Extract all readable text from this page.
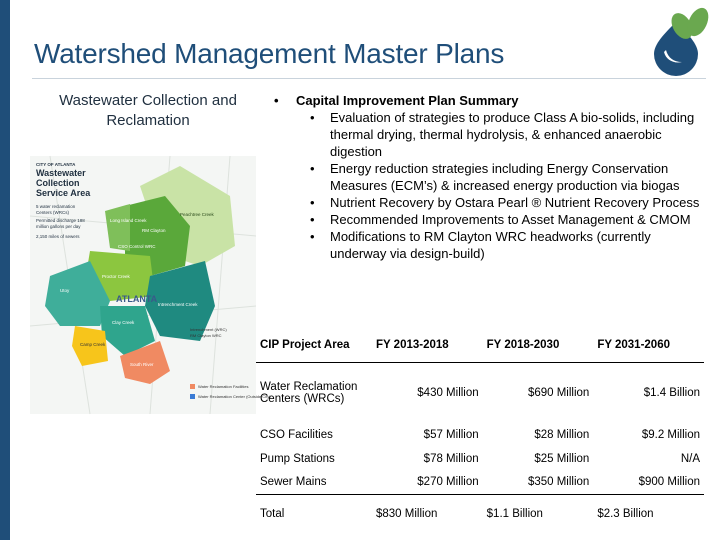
Watershed Management Master Plans
Wastewater Collection and Reclamation
CITY OF ATLANTA
Wastewater
Collection
Service Area
5 water reclamation
Centers (WRCs)
Permitted discharge 188
million gallons per day
2,150 miles of sewers
Long Island Creek
RM Clayton
CSO Control WRC
Proctor Creek
Peachtree Creek
Clay Creek
Intrenchment Creek
Camp Creek
South River
Utoy
ATLANTA
Intrenchment (WRC)
RM Clayton WRC
Water Reclamation Facilities
Water Reclamation Center (Outside City)
• Capital Improvement Plan Summary
• Evaluation of strategies to produce Class A bio-solids, including thermal drying, thermal hydrolysis, & enhanced anaerobic digestion
• Energy reduction strategies including Energy Conservation Measures (ECM’s) & increased energy production via biogas
• Nutrient Recovery by Ostara Pearl ® Nutrient Recovery Process
• Recommended Improvements to Asset Management & CMOM
• Modifications to RM Clayton WRC headworks (currently underway via design-build)
CIP Project Area	FY 2013-2018	FY 2018-2030	FY 2031-2060
Water Reclamation Centers (WRCs)	$430 Million	$690 Million	$1.4 Billion
CSO Facilities	$57 Million	$28 Million	$9.2 Million
Pump Stations	$78 Million	$25 Million	N/A
Sewer Mains	$270 Million	$350 Million	$900 Million
Total	$830 Million	$1.1 Billion	$2.3 Billion
